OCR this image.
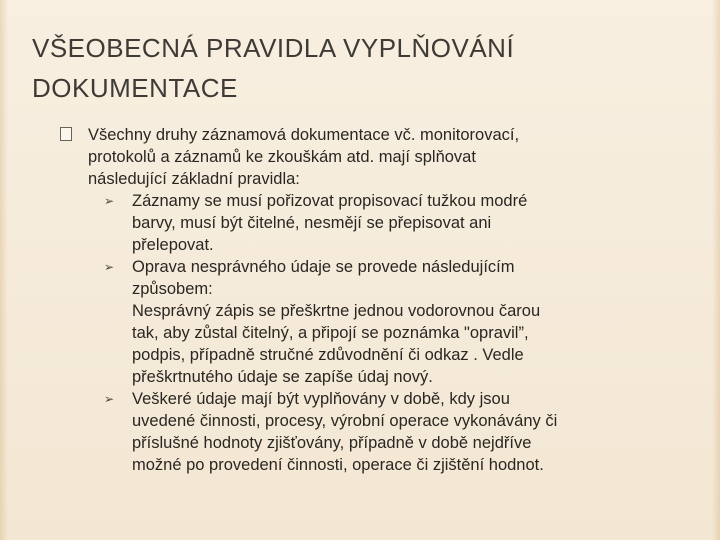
VŠEOBECNÁ PRAVIDLA VYPLŇOVÁNÍ
DOKUMENTACE
Všechny druhy záznamová dokumentace vč. monitorovací,
protokolů a záznamů ke zkouškám atd. mají splňovat
následující základní pravidla:
➢ Záznamy se musí pořizovat propisovací tužkou modré
barvy, musí být čitelné, nesmějí se přepisovat ani
přelepovat.
➢ Oprava nesprávného údaje se provede následujícím
způsobem:
Nesprávný zápis se přeškrtne jednou vodorovnou čarou
tak, aby zůstal čitelný, a připojí se poznámka "opravil”,
podpis, případně stručné zdůvodnění či odkaz . Vedle
přeškrtnutého údaje se zapíše údaj nový.
➢ Veškeré údaje mají být vyplňovány v době, kdy jsou
uvedené činnosti, procesy, výrobní operace vykonávány či
příslušné hodnoty zjišťovány, případně v době nejdříve
možné po provedení činnosti, operace či zjištění hodnot.
